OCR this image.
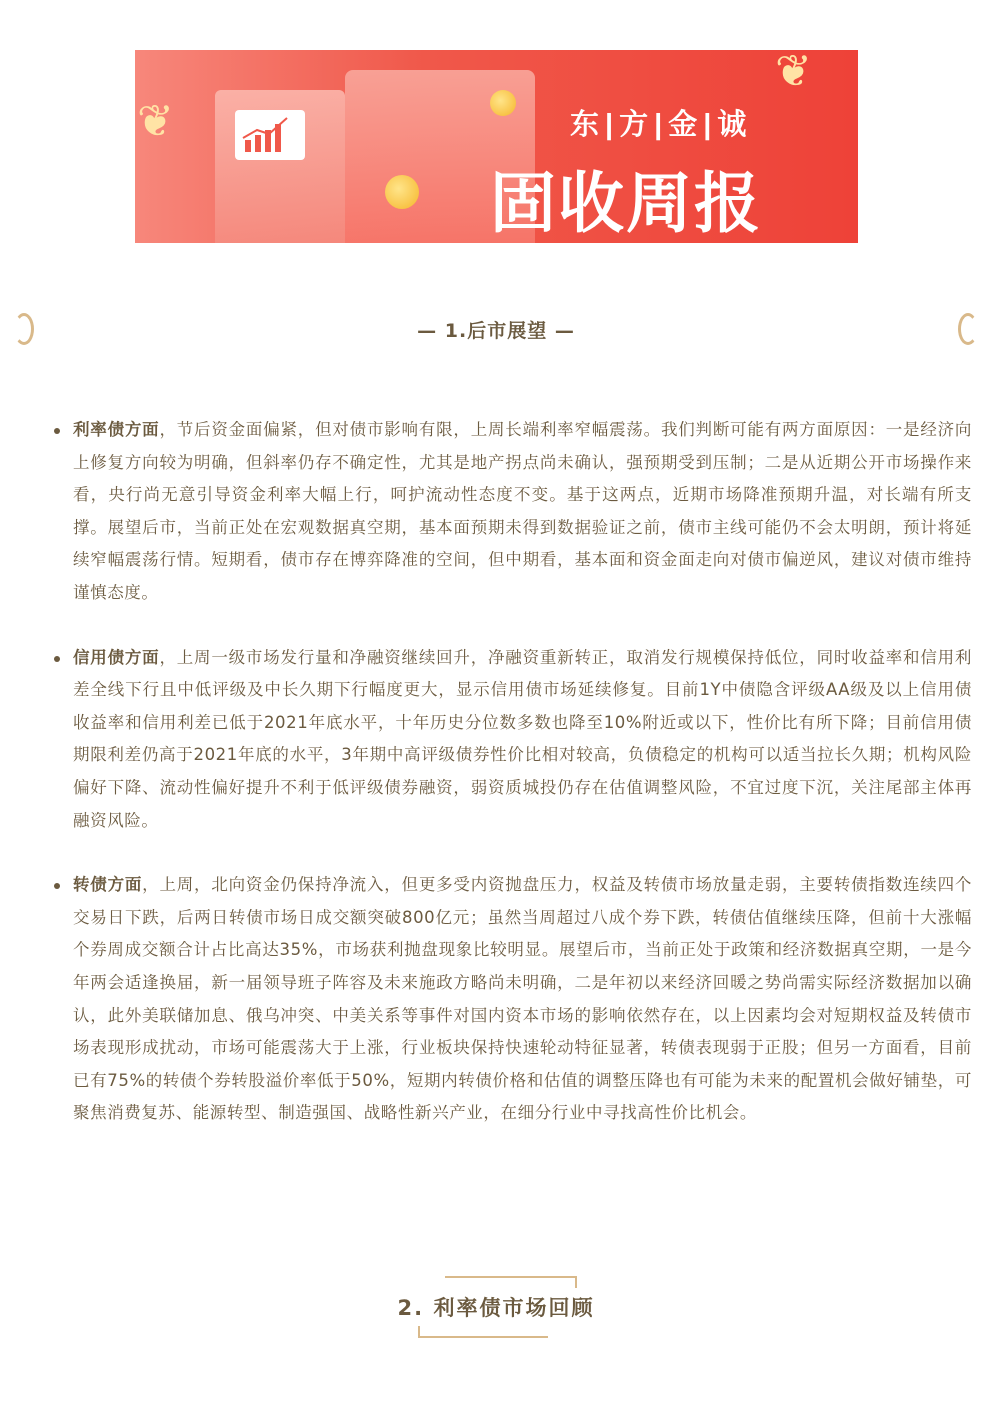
❦
❦
东|方|金|诚
固收周报
— 1.后市展望 —

利率债方面，节后资金面偏紧，但对债市影响有限，上周长端利率窄幅震荡。我们判断可能有两方面原因：一是经济向上修复方向较为明确，但斜率仍存不确定性，尤其是地产拐点尚未确认，强预期受到压制；二是从近期公开市场操作来看，央行尚无意引导资金利率大幅上行，呵护流动性态度不变。基于这两点，近期市场降准预期升温，对长端有所支撑。展望后市，当前正处在宏观数据真空期，基本面预期未得到数据验证之前，债市主线可能仍不会太明朗，预计将延续窄幅震荡行情。短期看，债市存在博弈降准的空间，但中期看，基本面和资金面走向对债市偏逆风，建议对债市维持谨慎态度。

信用债方面，上周一级市场发行量和净融资继续回升，净融资重新转正，取消发行规模保持低位，同时收益率和信用利差全线下行且中低评级及中长久期下行幅度更大，显示信用债市场延续修复。目前1Y中债隐含评级AA级及以上信用债收益率和信用利差已低于2021年底水平，十年历史分位数多数也降至10%附近或以下，性价比有所下降；目前信用债期限利差仍高于2021年底的水平，3年期中高评级债券性价比相对较高，负债稳定的机构可以适当拉长久期；机构风险偏好下降、流动性偏好提升不利于低评级债券融资，弱资质城投仍存在估值调整风险，不宜过度下沉，关注尾部主体再融资风险。

转债方面，上周，北向资金仍保持净流入，但更多受内资抛盘压力，权益及转债市场放量走弱，主要转债指数连续四个交易日下跌，后两日转债市场日成交额突破800亿元；虽然当周超过八成个券下跌，转债估值继续压降，但前十大涨幅个券周成交额合计占比高达35%，市场获利抛盘现象比较明显。展望后市，当前正处于政策和经济数据真空期，一是今年两会适逢换届，新一届领导班子阵容及未来施政方略尚未明确，二是年初以来经济回暖之势尚需实际经济数据加以确认，此外美联储加息、俄乌冲突、中美关系等事件对国内资本市场的影响依然存在，以上因素均会对短期权益及转债市场表现形成扰动，市场可能震荡大于上涨，行业板块保持快速轮动特征显著，转债表现弱于正股；但另一方面看，目前已有75%的转债个券转股溢价率低于50%，短期内转债价格和估值的调整压降也有可能为未来的配置机会做好铺垫，可聚焦消费复苏、能源转型、制造强国、战略性新兴产业，在细分行业中寻找高性价比机会。

2. 利率债市场回顾
